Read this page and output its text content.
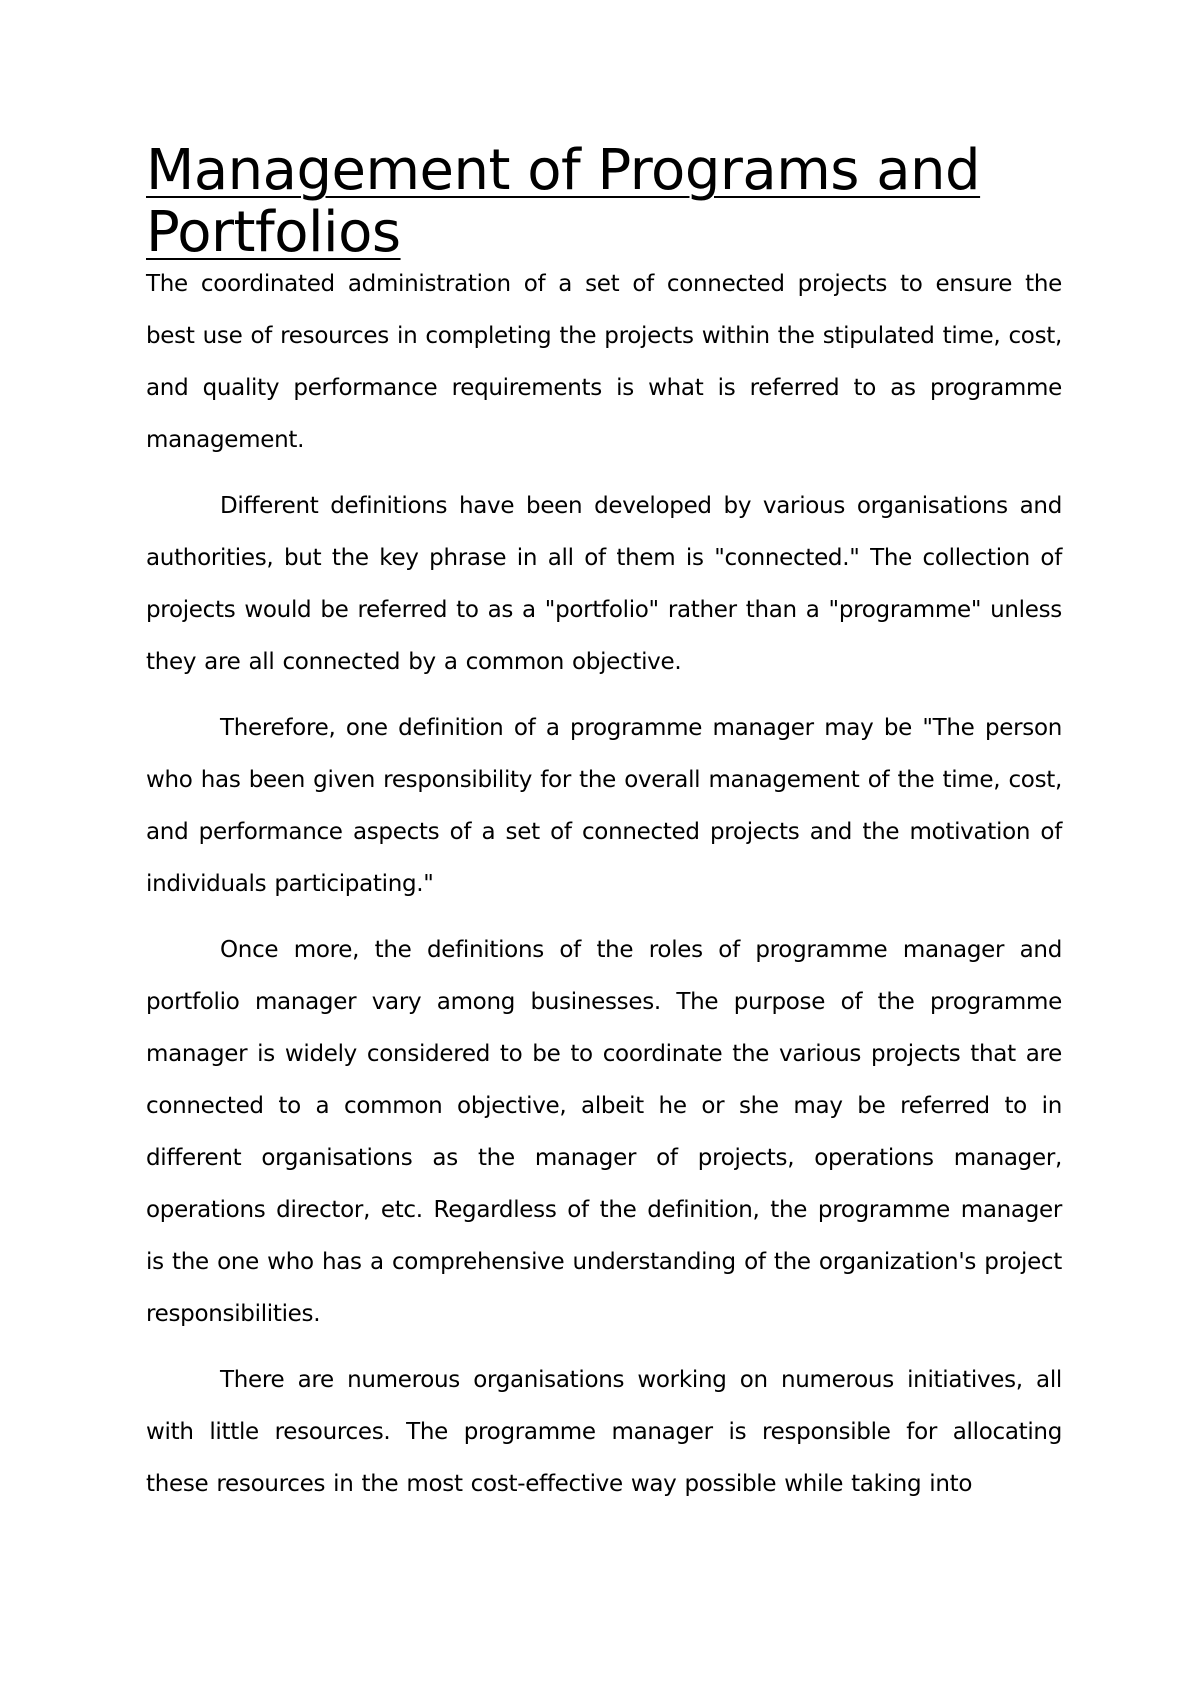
Management of Programs and Portfolios

The coordinated administration of a set of connected projects to ensure the best use of resources in completing the projects within the stipulated time, cost, and quality performance requirements is what is referred to as programme management.

Different definitions have been developed by various organisations and authorities, but the key phrase in all of them is "connected." The collection of projects would be referred to as a "portfolio" rather than a "programme" unless they are all connected by a common objective.

Therefore, one definition of a programme manager may be "The person who has been given responsibility for the overall management of the time, cost, and performance aspects of a set of connected projects and the motivation of individuals participating."

Once more, the definitions of the roles of programme manager and portfolio manager vary among businesses. The purpose of the programme manager is widely considered to be to coordinate the various projects that are connected to a common objective, albeit he or she may be referred to in different organisations as the manager of projects, operations manager, operations director, etc. Regardless of the definition, the programme manager is the one who has a comprehensive understanding of the organization's project responsibilities.

There are numerous organisations working on numerous initiatives, all with little resources. The programme manager is responsible for allocating these resources in the most cost-effective way possible while taking into
